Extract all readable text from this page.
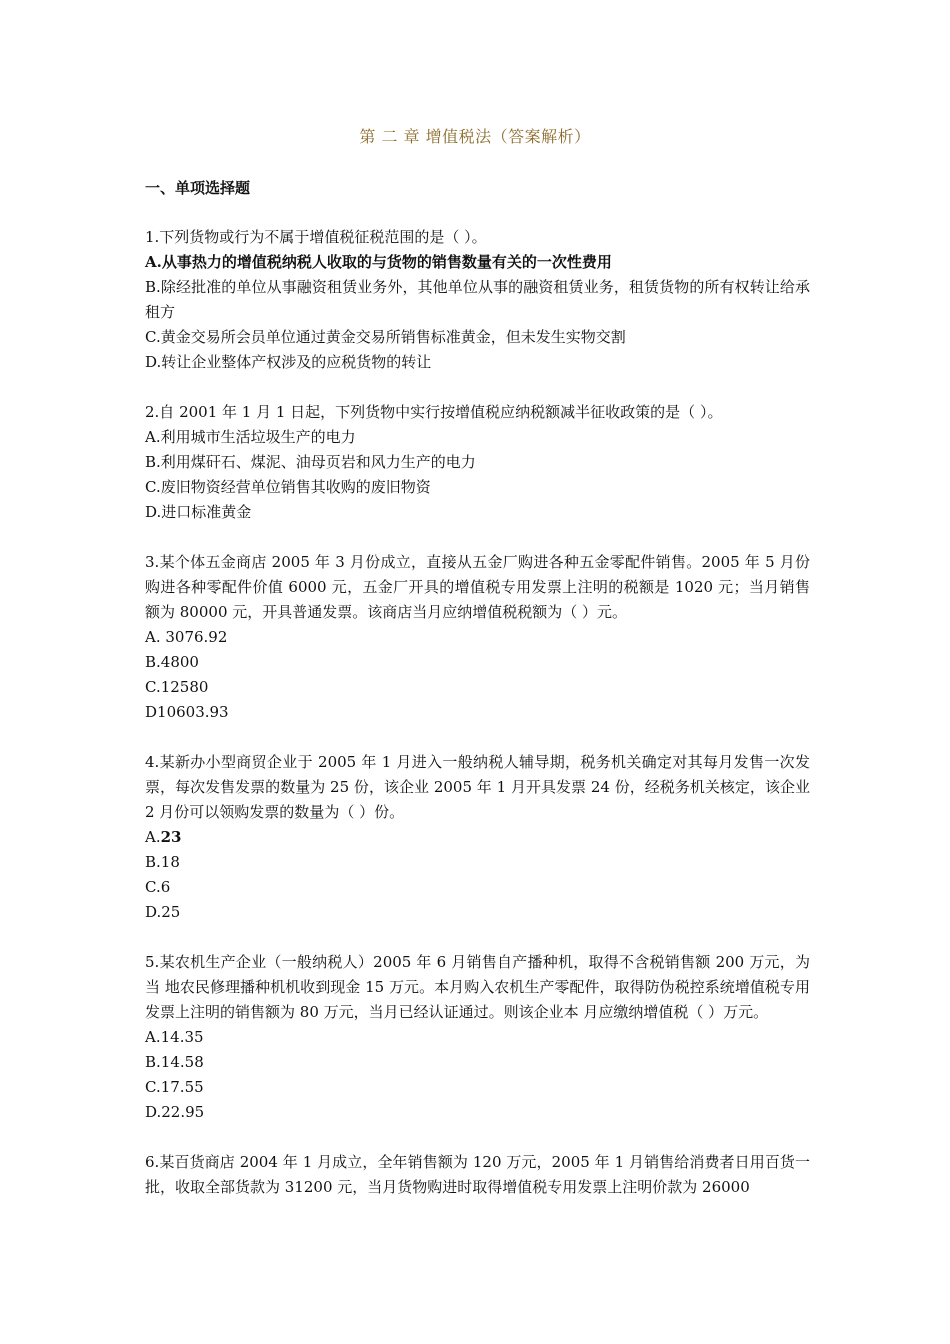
第 二 章 增值税法（答案解析）
一、单项选择题
1.下列货物或行为不属于增值税征税范围的是（ ）。
A.从事热力的增值税纳税人收取的与货物的销售数量有关的一次性费用
B.除经批准的单位从事融资租赁业务外，其他单位从事的融资租赁业务，租赁货物的所有权转让给承租方
C.黄金交易所会员单位通过黄金交易所销售标准黄金，但未发生实物交割
D.转让企业整体产权涉及的应税货物的转让
2.自 2001 年 1 月 1 日起，下列货物中实行按增值税应纳税额减半征收政策的是（ ）。
A.利用城市生活垃圾生产的电力
B.利用煤矸石、煤泥、油母页岩和风力生产的电力
C.废旧物资经营单位销售其收购的废旧物资
D.进口标准黄金
3.某个体五金商店 2005 年 3 月份成立，直接从五金厂购进各种五金零配件销售。2005 年 5 月份购进各种零配件价值 6000 元，五金厂开具的增值税专用发票上注明的税额是 1020 元；当月销售额为 80000 元，开具普通发票。该商店当月应纳增值税税额为（ ）元。
A. 3076.92
B.4800
C.12580
D10603.93
4.某新办小型商贸企业于 2005 年 1 月进入一般纳税人辅导期，税务机关确定对其每月发售一次发票，每次发售发票的数量为 25 份，该企业 2005 年 1 月开具发票 24 份，经税务机关核定，该企业 2 月份可以领购发票的数量为（ ）份。
A.23
B.18
C.6
D.25
5.某农机生产企业（一般纳税人）2005 年 6 月销售自产播种机，取得不含税销售额 200 万元，为当 地农民修理播种机机收到现金 15 万元。本月购入农机生产零配件，取得防伪税控系统增值税专用发票上注明的销售额为 80 万元，当月已经认证通过。则该企业本 月应缴纳增值税（ ）万元。
A.14.35
B.14.58
C.17.55
D.22.95
6.某百货商店 2004 年 1 月成立，全年销售额为 120 万元，2005 年 1 月销售给消费者日用百货一 批，收取全部货款为 31200 元，当月货物购进时取得增值税专用发票上注明价款为 26000
